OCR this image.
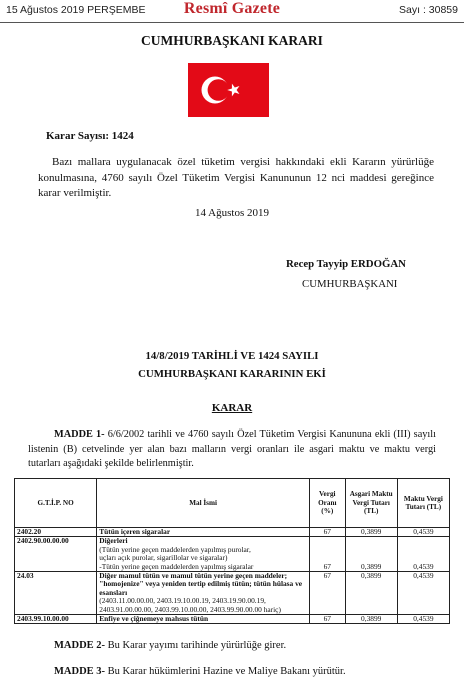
15 Ağustos 2019 PERŞEMBE	Resmî Gazete	Sayı : 30859
CUMHURBAŞKANI KARARI
Karar Sayısı: 1424
Bazı mallara uygulanacak özel tüketim vergisi hakkındaki ekli Kararın yürürlüğe konulmasına, 4760 sayılı Özel Tüketim Vergisi Kanununun 12 nci maddesi gereğince karar verilmiştir.
14 Ağustos 2019
Recep Tayyip ERDOĞAN
CUMHURBAŞKANI
14/8/2019 TARİHLİ VE 1424 SAYILI
CUMHURBAŞKANI KARARININ EKİ
KARAR
MADDE 1- 6/6/2002 tarihli ve 4760 sayılı Özel Tüketim Vergisi Kanununa ekli (III) sayılı listenin (B) cetvelinde yer alan bazı malların vergi oranları ile asgari maktu ve maktu vergi tutarları aşağıdaki şekilde belirlenmiştir.
G.T.İ.P. NO	Mal İsmi	Vergi Oranı (%)	Asgari Maktu Vergi Tutarı (TL)	Maktu Vergi Tutarı (TL)
2402.20	Tütün içeren sigaralar	67	0,3899	0,4539
2402.90.00.00.00	Diğerleri
(Tütün yerine geçen maddelerden yapılmış purolar,
uçları açık purolar, sigarillolar ve sigaralar)
-Tütün yerine geçen maddelerden yapılmış sigaralar	67	0,3899	0,4539
24.03	Diğer mamul tütün ve mamul tütün yerine geçen maddeler; "homojenize" veya yeniden tertip edilmiş tütün; tütün hülasa ve esansları
(2403.11.00.00.00, 2403.19.10.00.19, 2403.19.90.00.19,
2403.91.00.00.00, 2403.99.10.00.00, 2403.99.90.00.00 hariç)	67	0,3899	0,4539
2403.99.10.00.00	Enfiye ve çiğnemeye mahsus tütün	67	0,3899	0,4539
MADDE 2- Bu Karar yayımı tarihinde yürürlüğe girer.
MADDE 3- Bu Karar hükümlerini Hazine ve Maliye Bakanı yürütür.
